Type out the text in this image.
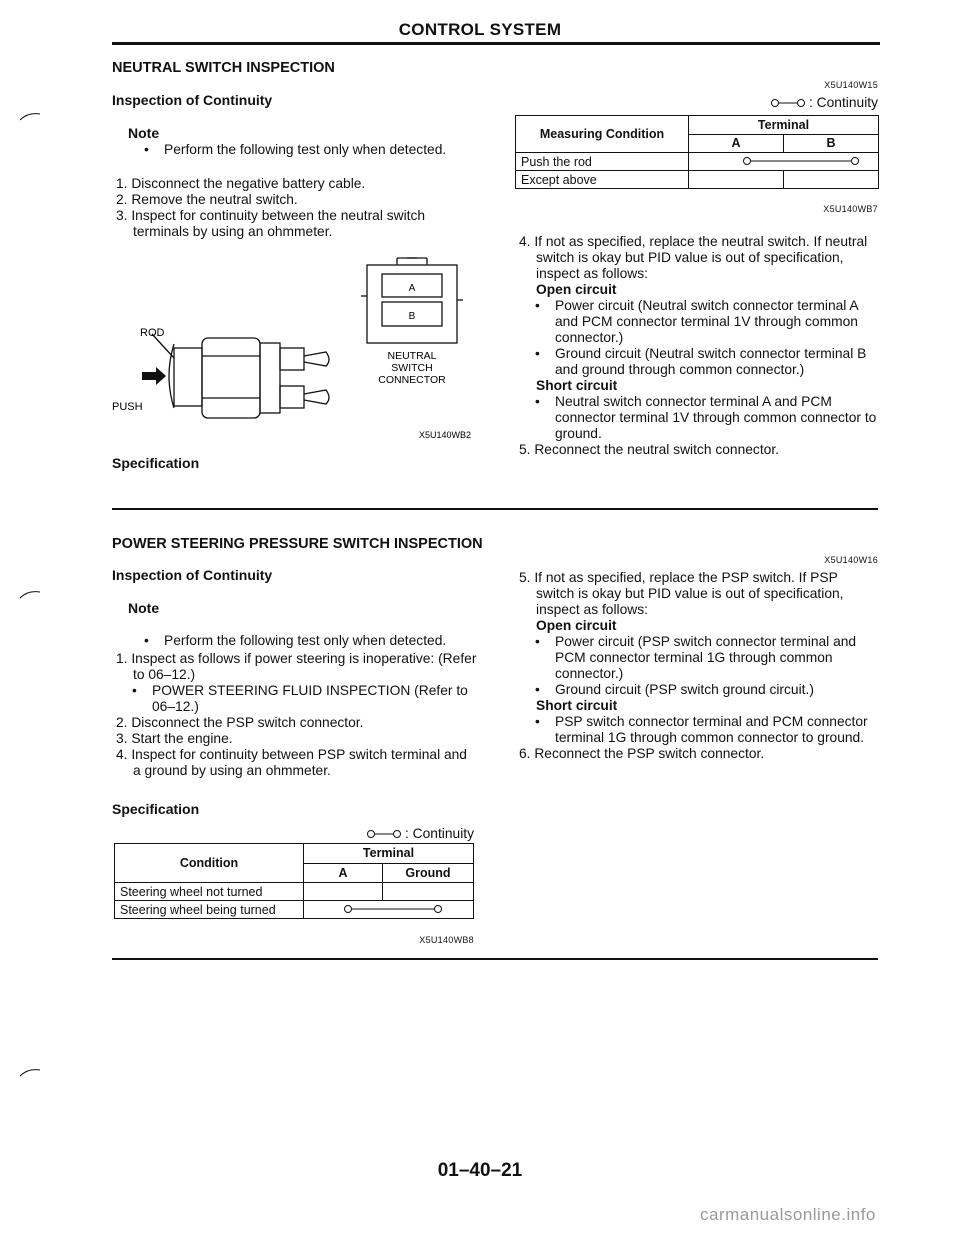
CONTROL SYSTEM
NEUTRAL SWITCH INSPECTION
Inspection of Continuity
Note
• Perform the following test only when detected.
1. Disconnect the negative battery cable.
2. Remove the neutral switch.
3. Inspect for continuity between the neutral switch terminals by using an ohmmeter.
A
B
NEUTRAL
SWITCH
CONNECTOR
ROD
PUSH
X5U140WB2
Specification
X5U140W15
: Continuity
Measuring Condition	Terminal	
	A	B
Push the rod	
Except above		
X5U140WB7
4. If not as specified, replace the neutral switch. If neutral switch is okay but PID value is out of specification, inspect as follows:
Open circuit
• Power circuit (Neutral switch connector terminal A and PCM connector terminal 1V through common connector.)
• Ground circuit (Neutral switch connector terminal B and ground through common connector.)
Short circuit
• Neutral switch connector terminal A and PCM connector terminal 1V through common connector to ground.
5. Reconnect the neutral switch connector.
POWER STEERING PRESSURE SWITCH INSPECTION
Inspection of Continuity
Note
• Perform the following test only when detected.
1. Inspect as follows if power steering is inoperative: (Refer to 06–12.)
• POWER STEERING FLUID INSPECTION (Refer to 06–12.)
2. Disconnect the PSP switch connector.
3. Start the engine.
4. Inspect for continuity between PSP switch terminal and a ground by using an ohmmeter.
Specification
: Continuity
Condition	Terminal	
	A	Ground
Steering wheel not turned		
Steering wheel being turned	
X5U140WB8
X5U140W16
5. If not as specified, replace the PSP switch. If PSP switch is okay but PID value is out of specification, inspect as follows:
Open circuit
• Power circuit (PSP switch connector terminal and PCM connector terminal 1G through common connector.)
• Ground circuit (PSP switch ground circuit.)
Short circuit
• PSP switch connector terminal and PCM connector terminal 1G through common connector to ground.
6. Reconnect the PSP switch connector.
01–40–21
carmanualsonline.info
